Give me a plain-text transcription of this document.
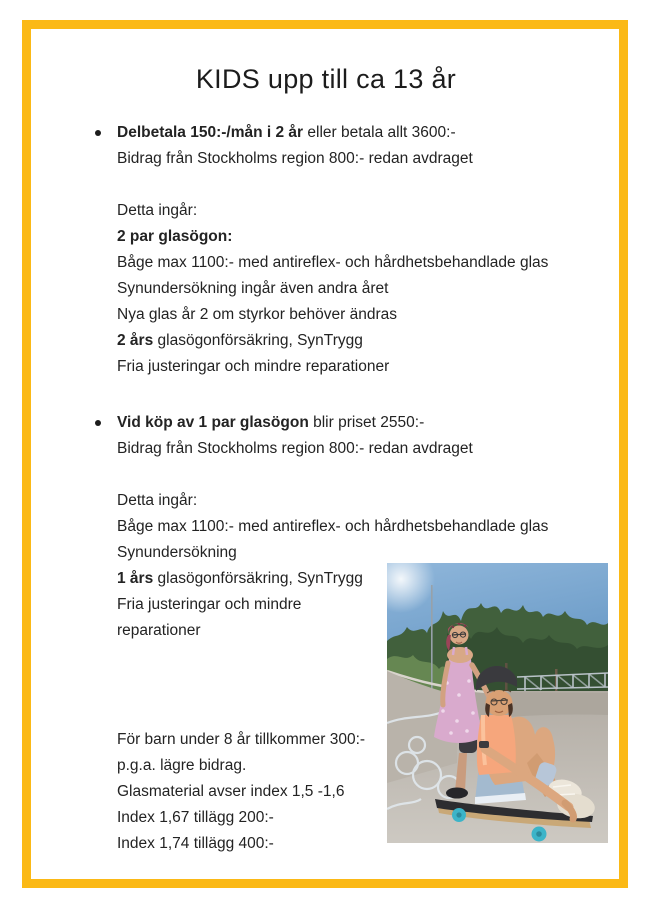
KIDS upp till ca 13 år
Delbetala 150:-/mån i 2 år eller betala allt 3600:-
Bidrag från Stockholms region 800:- redan avdraget
Detta ingår:
2 par glasögon:
Båge max 1100:- med antireflex- och hårdhetsbehandlade glas
Synundersökning ingår även andra året
Nya glas år 2 om styrkor behöver ändras
2 års glasögonförsäkring, SynTrygg
Fria justeringar och mindre reparationer
Vid köp av 1 par glasögon blir priset 2550:-
Bidrag från Stockholms region 800:- redan avdraget
Detta ingår:
Båge max 1100:- med antireflex- och hårdhetsbehandlade glas
Synundersökning
1 års glasögonförsäkring, SynTrygg
Fria justeringar och mindre
reparationer
För barn under 8 år tillkommer 300:-
p.g.a. lägre bidrag.
Glasmaterial avser index 1,5 -1,6
Index 1,67 tillägg 200:-
Index 1,74 tillägg 400:-
